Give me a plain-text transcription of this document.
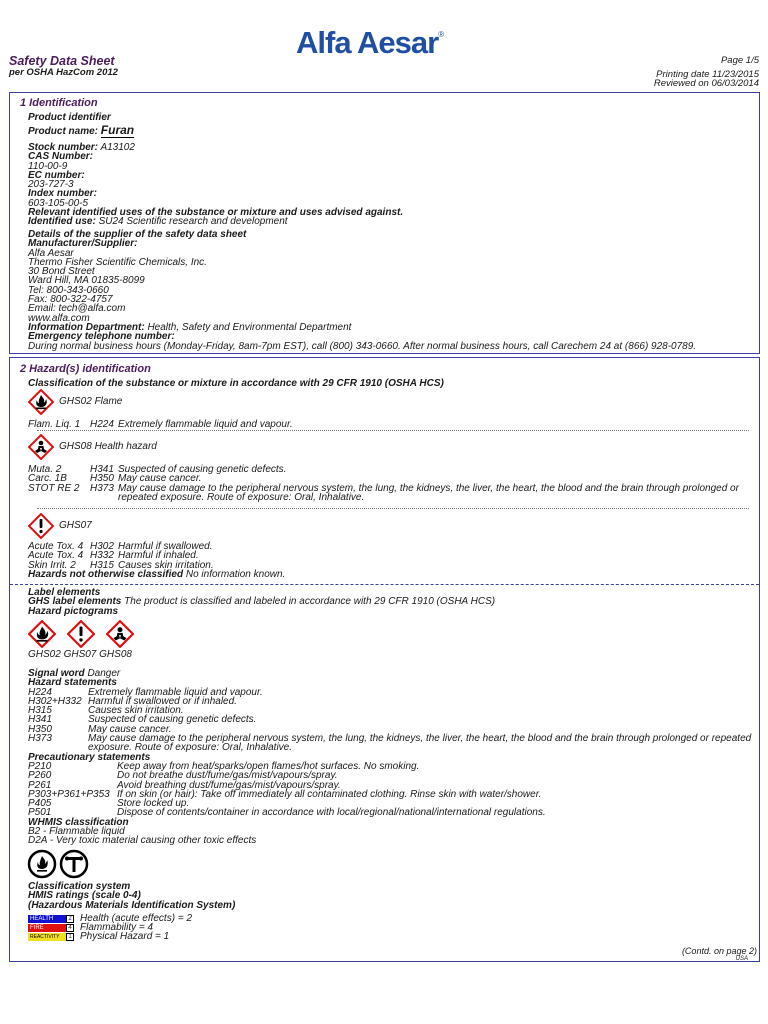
Safety Data Sheet
per OSHA HazCom 2012
Alfa Aesar®
Page 1/5
Printing date 11/23/2015
Reviewed on 06/03/2014
1 Identification
Product identifier
Product name: Furan
Stock number: A13102
CAS Number:
110-00-9
EC number:
203-727-3
Index number:
603-105-00-5
Relevant identified uses of the substance or mixture and uses advised against.
Identified use: SU24 Scientific research and development
Details of the supplier of the safety data sheet
Manufacturer/Supplier:
Alfa Aesar
Thermo Fisher Scientific Chemicals, Inc.
30 Bond Street
Ward Hill, MA 01835-8099
Tel: 800-343-0660
Fax: 800-322-4757
Email: tech@alfa.com
www.alfa.com
Information Department: Health, Safety and Environmental Department
Emergency telephone number:
During normal business hours (Monday-Friday, 8am-7pm EST), call (800) 343-0660. After normal business hours, call Carechem 24 at (866) 928-0789.
2 Hazard(s) identification
Classification of the substance or mixture in accordance with 29 CFR 1910 (OSHA HCS)
GHS02 Flame
Flam. Liq. 1 H224 Extremely flammable liquid and vapour.
GHS08 Health hazard
Muta. 2	H341 Suspected of causing genetic defects.
Carc. 1B H350 May cause cancer.
STOT RE 2 H373 May cause damage to the peripheral nervous system, the lung, the kidneys, the liver, the heart, the blood and the brain through prolonged or
repeated exposure. Route of exposure: Oral, Inhalative.
GHS07
Acute Tox. 4 H302 Harmful if swallowed.
Acute Tox. 4 H332 Harmful if inhaled.
Skin Irrit. 2 H315 Causes skin irritation.
Hazards not otherwise classified No information known.
Label elements
GHS label elements The product is classified and labeled in accordance with 29 CFR 1910 (OSHA HCS)
Hazard pictograms
GHS02 GHS07 GHS08
Signal word Danger
Hazard statements
H224	Extremely flammable liquid and vapour.
H302+H332 Harmful if swallowed or if inhaled.
H315	Causes skin irritation.
H341	Suspected of causing genetic defects.
H350	May cause cancer.
H373	May cause damage to the peripheral nervous system, the lung, the kidneys, the liver, the heart, the blood and the brain through prolonged or repeated
exposure. Route of exposure: Oral, Inhalative.
Precautionary statements
P210	Keep away from heat/sparks/open flames/hot surfaces. No smoking.
P260	Do not breathe dust/fume/gas/mist/vapours/spray.
P261	Avoid breathing dust/fume/gas/mist/vapours/spray.
P303+P361+P353 If on skin (or hair): Take off immediately all contaminated clothing. Rinse skin with water/shower.
P405	Store locked up.
P501	Dispose of contents/container in accordance with local/regional/national/international regulations.
WHMIS classification
B2 - Flammable liquid
D2A - Very toxic material causing other toxic effects
Classification system
HMIS ratings (scale 0-4)
(Hazardous Materials Identification System)
HEALTH	2 Health (acute effects) = 2
FIRE	4 Flammability = 4
REACTIVITY	1 Physical Hazard = 1
(Contd. on page 2)
USA
